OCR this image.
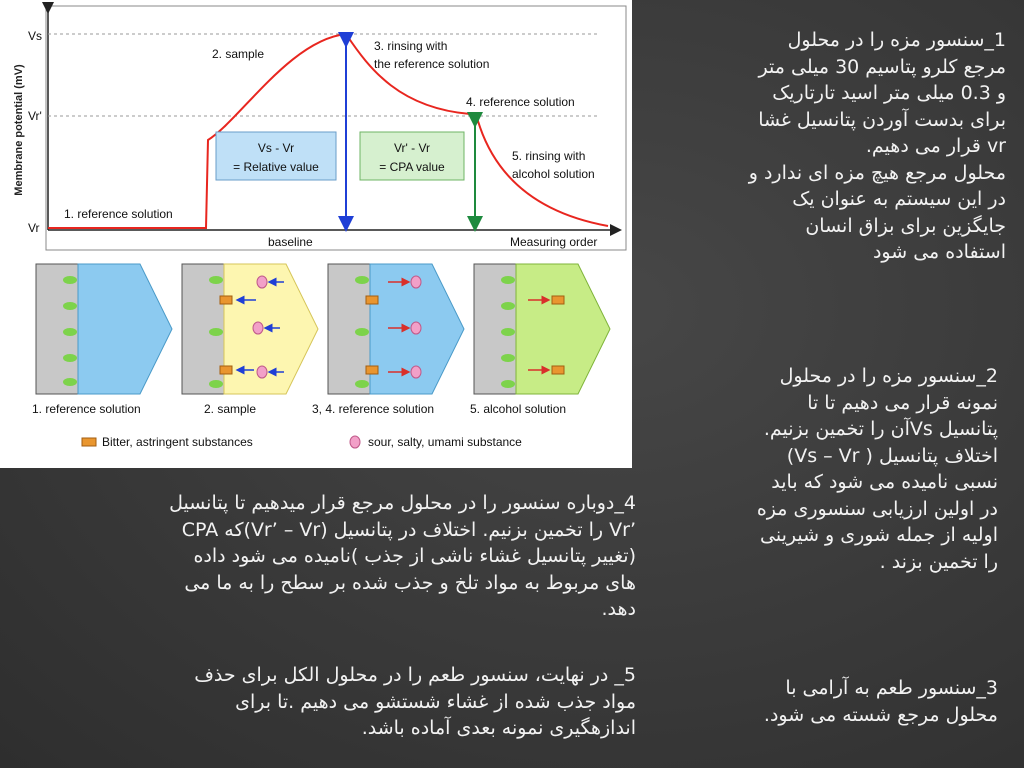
Membrane potential (mV)
Vs
Vr'
Vr
1. reference solution
2. sample
3. rinsing with
the reference solution
4. reference solution
5. rinsing with
alcohol solution
Vs - Vr
= Relative value
Vr' - Vr
= CPA value
baseline	Measuring order
1. reference solution	2. sample	3, 4. reference solution	5. alcohol solution
Bitter, astringent substances	sour, salty, umami substance
1_سنسور مزه را در محلول
مرجع کلرو پتاسیم 30 میلی متر
و 0.3 میلی متر اسید تارتاریک
برای بدست آوردن پتانسیل غشا
vr قرار می دهیم.
محلول مرجع هیچ مزه ای ندارد و
در این سیستم به عنوان یک
جایگزین برای بزاق انسان
استفاده می شود
2_سنسور مزه را در محلول
نمونه قرار می دهیم تا تا
پتانسیل Vsآن را تخمین بزنیم.
اختلاف پتانسیل ( Vs – Vr)
نسبی نامیده می شود که باید
در اولین ارزیابی سنسوری مزه
اولیه از جمله شوری و شیرینی
را تخمین بزند .
3_سنسور طعم به آرامی با
محلول مرجع شسته می شود.
4_دوباره سنسور را در محلول مرجع قرار میدهیم تا پتانسیل
’Vr را تخمین بزنیم. اختلاف در پتانسیل (Vr’ – Vr)که CPA
(تغییر پتانسیل غشاء ناشی از جذب )نامیده می شود داده
های مربوط به مواد تلخ و جذب شده بر سطح را به ما می
دهد.
5_ در نهایت، سنسور طعم را در محلول الکل برای حذف
مواد جذب شده از غشاء شستشو می دهیم .تا برای
اندازهگیری نمونه بعدی آماده باشد.
